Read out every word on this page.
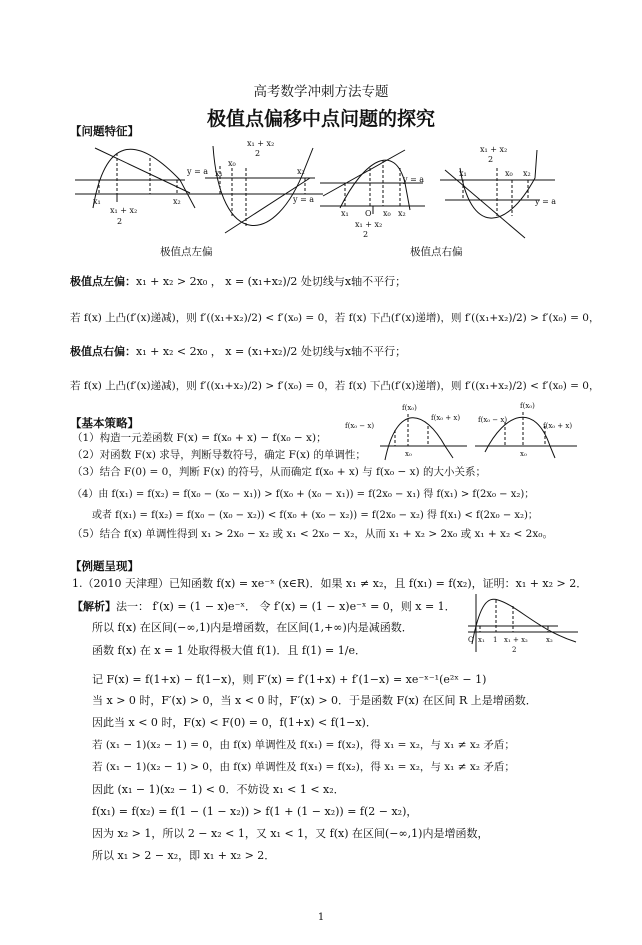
高考数学冲刺方法专题
极值点偏移中点问题的探究
【问题特征】
y = a
x₁	x₂
x₁ + x₂
2
x₁ + x₂
2
x₁
x₀
x₂
y = a
y = a
x₁ O x₀ x₂
x₁ + x₂
2
x₁ + x₂
2
x₁	x₀ x₂
y = a
极值点左偏	极值点右偏
极值点左偏：x₁ + x₂ > 2x₀ ， x = (x₁+x₂)/2 处切线与x轴不平行；
若 f(x) 上凸(f′(x)递减)，则 f′((x₁+x₂)/2) < f′(x₀) = 0，若 f(x) 下凸(f′(x)递增)，则 f′((x₁+x₂)/2) > f′(x₀) = 0，
极值点右偏：x₁ + x₂ < 2x₀ ， x = (x₁+x₂)/2 处切线与x轴不平行；
若 f(x) 上凸(f′(x)递减)，则 f′((x₁+x₂)/2) > f′(x₀) = 0，若 f(x) 下凸(f′(x)递增)，则 f′((x₁+x₂)/2) < f′(x₀) = 0，
【基本策略】
f(x₀)
f(x₀ − x)
f(x₀ + x)
x₀
f(x₀)
f(x₀ − x)
f(x₀ + x)
x₀
（1）构造一元差函数 F(x) = f(x₀ + x) − f(x₀ − x)；
（2）对函数 F(x) 求导，判断导数符号，确定 F(x) 的单调性；
（3）结合 F(0) = 0，判断 F(x) 的符号，从而确定 f(x₀ + x) 与 f(x₀ − x) 的大小关系；
（4）由 f(x₁) = f(x₂) = f(x₀ − (x₀ − x₁)) > f(x₀ + (x₀ − x₁)) = f(2x₀ − x₁) 得 f(x₁) > f(2x₀ − x₂)；
或者 f(x₁) = f(x₂) = f(x₀ − (x₀ − x₂)) < f(x₀ + (x₀ − x₂)) = f(2x₀ − x₂) 得 f(x₁) < f(2x₀ − x₂)；
（5）结合 f(x) 单调性得到 x₁ > 2x₀ − x₂ 或 x₁ < 2x₀ − x₂，从而 x₁ + x₂ > 2x₀ 或 x₁ + x₂ < 2x₀。
【例题呈现】
1.（2010 天津理）已知函数 f(x) = xe⁻ˣ (x∈R)．如果 x₁ ≠ x₂，且 f(x₁) = f(x₂)，证明：x₁ + x₂ > 2．
O x₁ 1 x₁ + x₂
2
x₂
【解析】法一： f′(x) = (1 − x)e⁻ˣ． 令 f′(x) = (1 − x)e⁻ˣ = 0，则 x = 1．
所以 f(x) 在区间(−∞,1)内是增函数，在区间(1,+∞)内是减函数．
函数 f(x) 在 x = 1 处取得极大值 f(1)．且 f(1) = 1/e．
记 F(x) = f(1+x) − f(1−x)，则 F′(x) = f′(1+x) + f′(1−x) = xe⁻ˣ⁻¹(e²ˣ − 1)
当 x > 0 时，F′(x) > 0，当 x < 0 时，F′(x) > 0．于是函数 F(x) 在区间 R 上是增函数．
因此当 x < 0 时，F(x) < F(0) = 0，f(1+x) < f(1−x)．
若 (x₁ − 1)(x₂ − 1) = 0，由 f(x) 单调性及 f(x₁) = f(x₂)，得 x₁ = x₂，与 x₁ ≠ x₂ 矛盾；
若 (x₁ − 1)(x₂ − 1) > 0，由 f(x) 单调性及 f(x₁) = f(x₂)，得 x₁ = x₂，与 x₁ ≠ x₂ 矛盾；
因此 (x₁ − 1)(x₂ − 1) < 0．不妨设 x₁ < 1 < x₂．
f(x₁) = f(x₂) = f(1 − (1 − x₂)) > f(1 + (1 − x₂)) = f(2 − x₂)，
因为 x₂ > 1，所以 2 − x₂ < 1，又 x₁ < 1，又 f(x) 在区间(−∞,1)内是增函数，
所以 x₁ > 2 − x₂，即 x₁ + x₂ > 2．
1
